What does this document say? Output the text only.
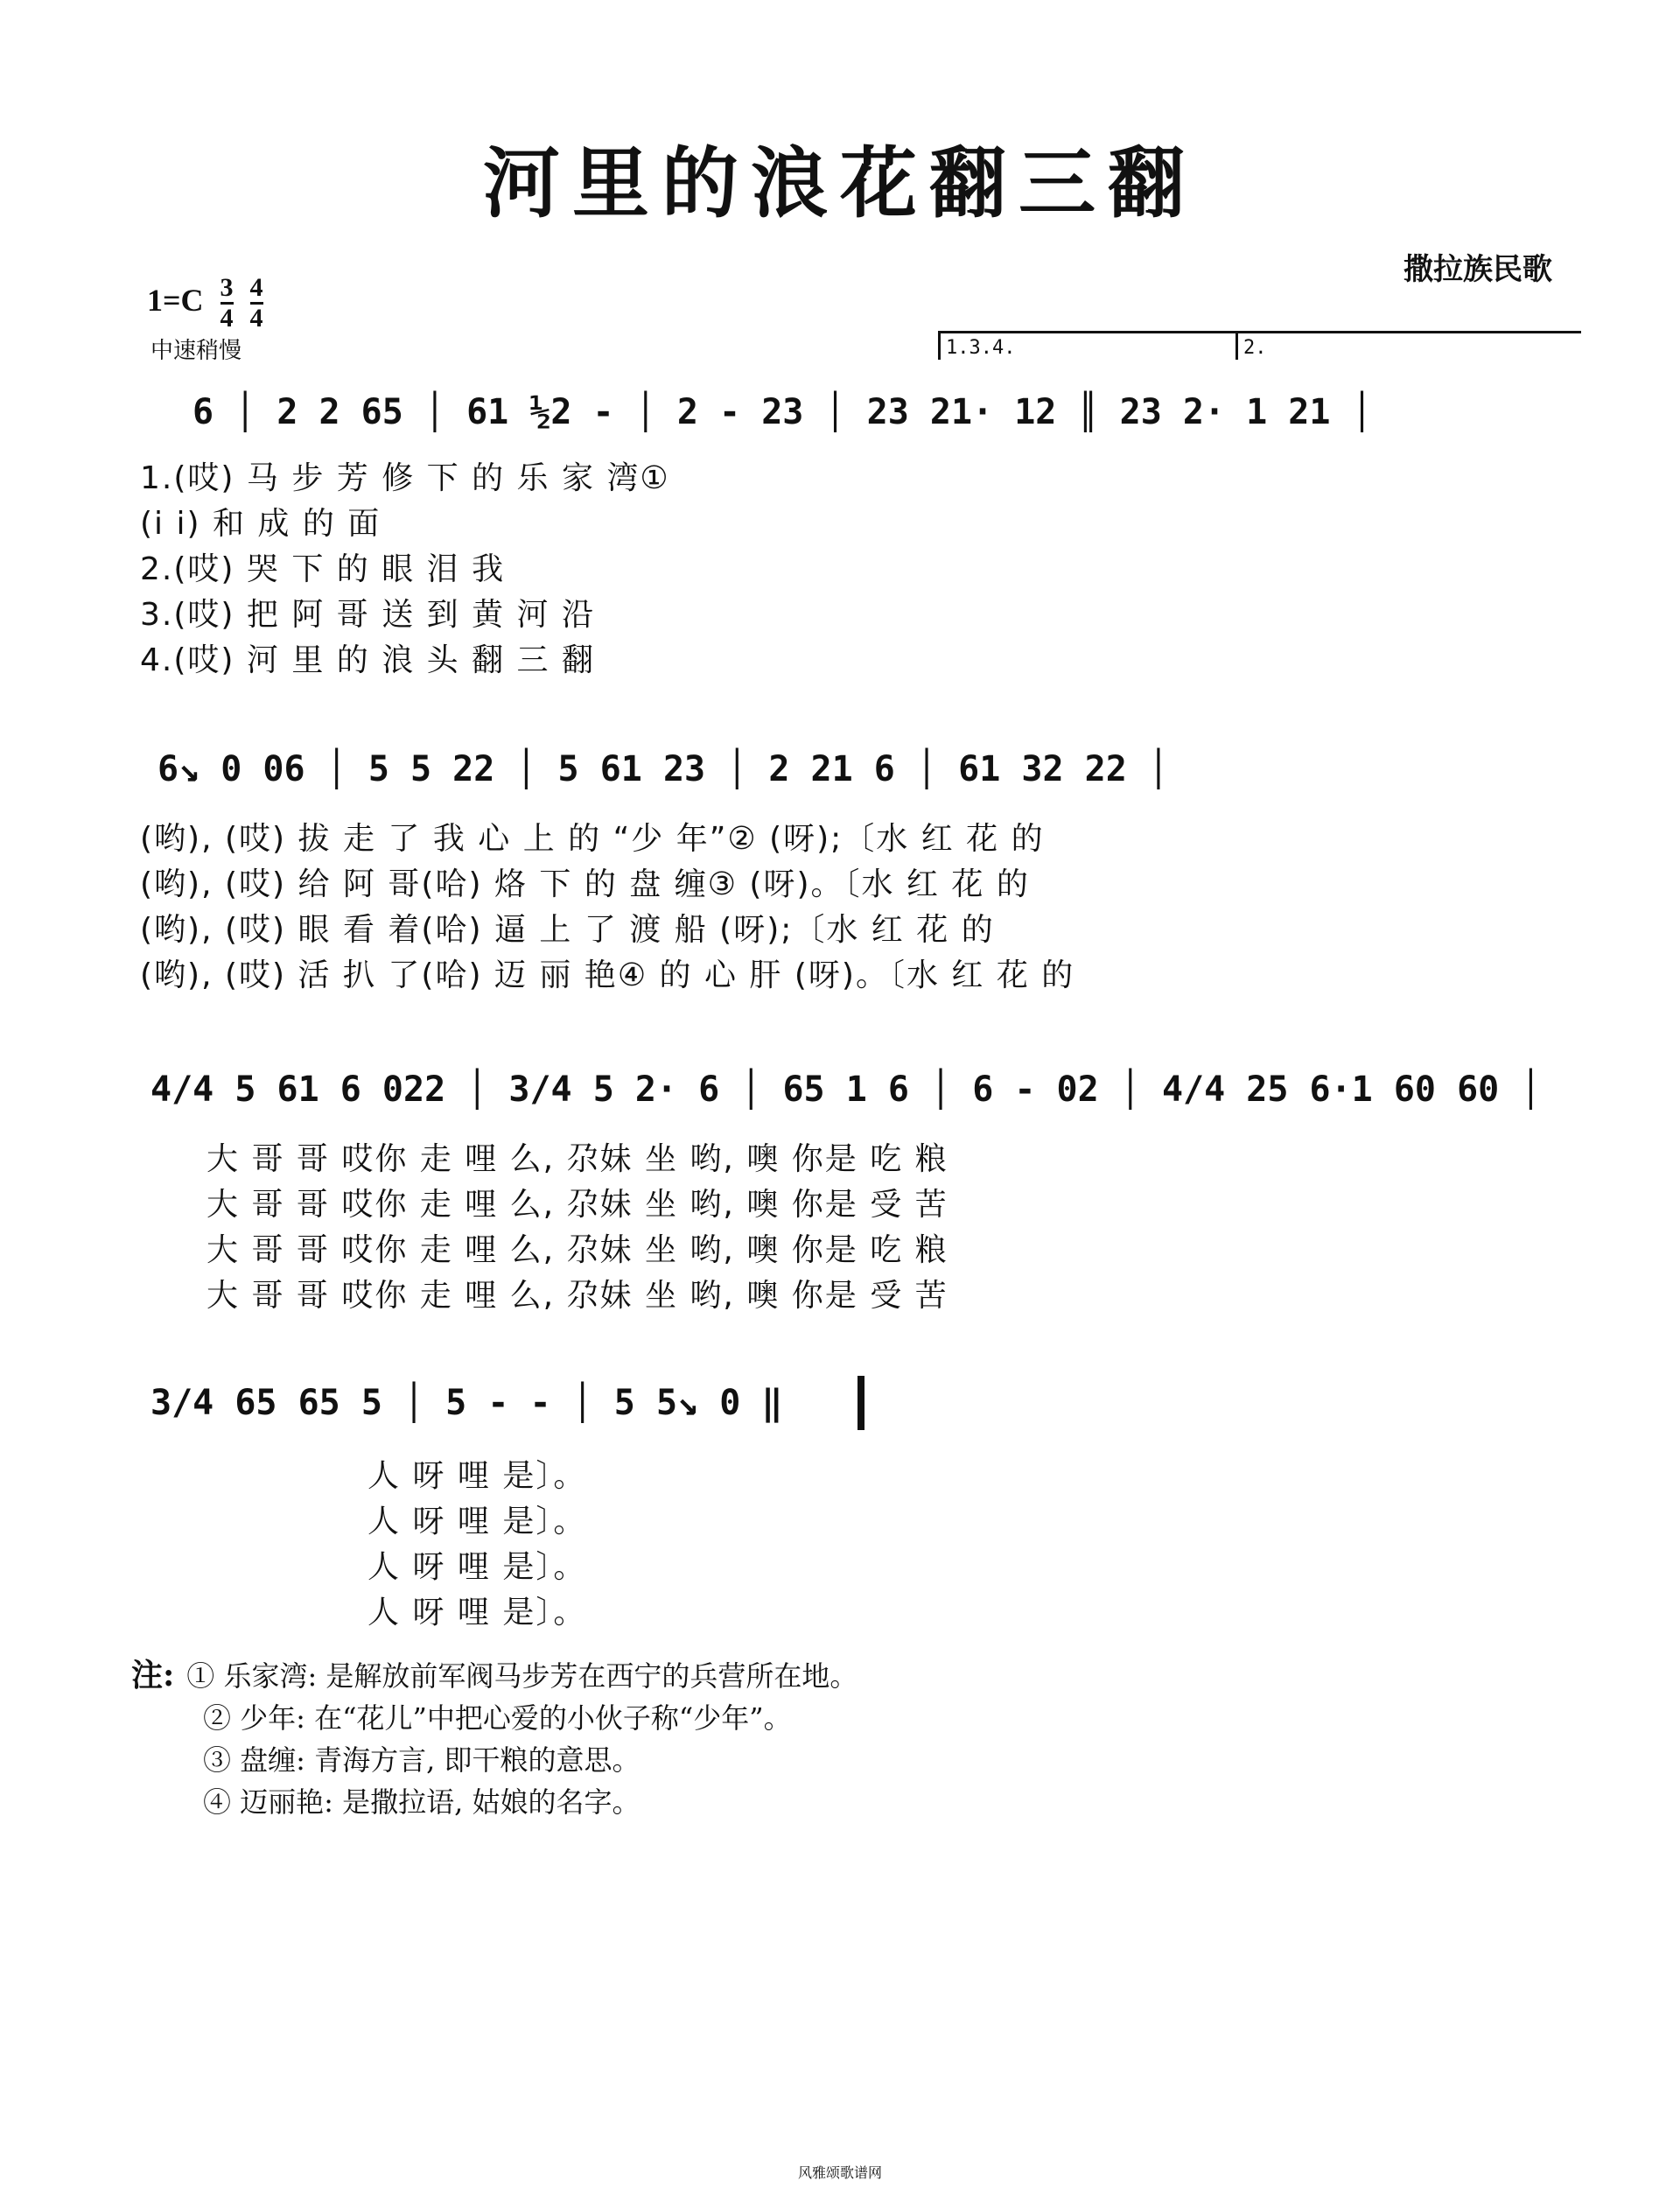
河里的浪花翻三翻
撒拉族民歌
$1=C \frac{3}{4}$
$\frac{4}{4}$
中速稍慢	1.3.4.	2.
6 │ 2 2 65 │ 61 ½2 - │ 2 - 23 │ 23 21· 12 ║ 23 2· 1 21 │
1.(哎) 马 步 芳 修 下 的 乐 家 湾①
(i i) 和 成 的 面
2.(哎) 哭 下 的 眼 泪 我
3.(哎) 把 阿 哥 送 到 黄 河 沿
4.(哎) 河 里 的 浪 头 翻 三 翻
6↘ 0 06 │ 5 5 22 │ 5 61 23 │ 2 21 6 │ 61 32 22 │
(哟), (哎) 拔 走 了 我 心 上 的 “少 年”② (呀);〔水 红 花 的
(哟), (哎) 给 阿 哥(哈) 烙 下 的 盘 缠③ (呀)。〔水 红 花 的
(哟), (哎) 眼 看 着(哈) 逼 上 了 渡 船 (呀);〔水 红 花 的
(哟), (哎) 活 扒 了(哈) 迈 丽 艳④ 的 心 肝 (呀)。〔水 红 花 的
4/4 5 61 6 022 │ 3/4 5 2· 6 │ 65 1 6 │ 6 - 02 │ 4/4 25 6·1 60 60 │
大 哥 哥 哎你 走 哩 么, 尕妹 坐 哟, 噢 你是 吃 粮
大 哥 哥 哎你 走 哩 么, 尕妹 坐 哟, 噢 你是 受 苦
大 哥 哥 哎你 走 哩 么, 尕妹 坐 哟, 噢 你是 吃 粮
大 哥 哥 哎你 走 哩 么, 尕妹 坐 哟, 噢 你是 受 苦
3/4 65 65 5 │ 5 - - │ 5 5↘ 0 ‖
人 呀 哩 是〕。
人 呀 哩 是〕。
人 呀 哩 是〕。
人 呀 哩 是〕。
注: ① 乐家湾: 是解放前军阀马步芳在西宁的兵营所在地。
② 少年: 在“花儿”中把心爱的小伙子称“少年”。
③ 盘缠: 青海方言, 即干粮的意思。
④ 迈丽艳: 是撒拉语, 姑娘的名字。
风雅颂歌谱网
